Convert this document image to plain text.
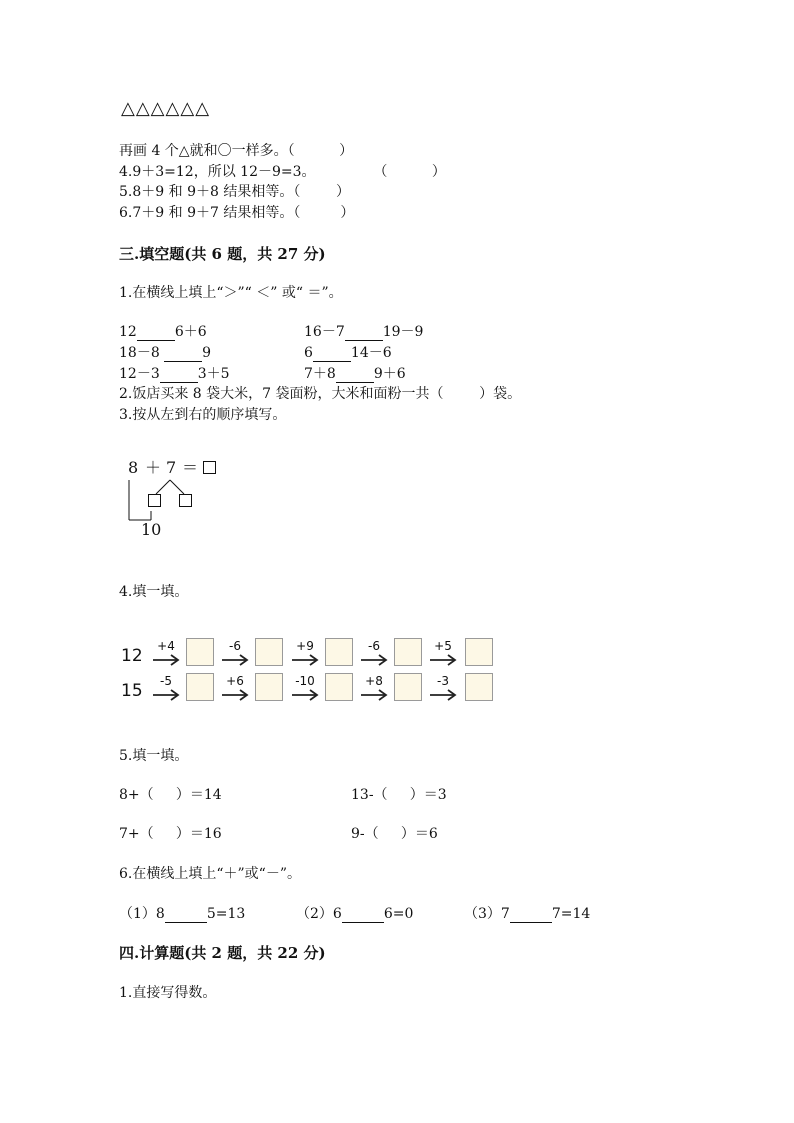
△△△△△△
再画 4 个△就和〇一样多。（          ）
4.9＋3=12，所以 12－9=3。             （          ）
5.8＋9 和 9＋8 结果相等。（        ）
6.7＋9 和 9＋7 结果相等。（         ）
三.填空题(共 6 题，共 27 分)
1.在横线上填上“＞”“ ＜” 或“ ＝”。
12	6＋6	16－7	19－9
18－8	9	6	14－6
12－3	3＋5	7＋8	9＋6
2.饭店买来 8 袋大米，7 袋面粉，大米和面粉一共（        ）袋。
3.按从左到右的顺序填写。
8 ＋ 7 ＝
10
4.填一填。
12	+4	-6	+9	-6	+5
15	-5	+6	-10	+8	-3
5.填一填。
8+（     ）＝14	13-（     ）＝3
7+（     ）＝16	9-（     ）＝6
6.在横线上填上“＋”或“－”。
（1）8	5=13	（2）6	6=0	（3）7	7=14
四.计算题(共 2 题，共 22 分)
1.直接写得数。
